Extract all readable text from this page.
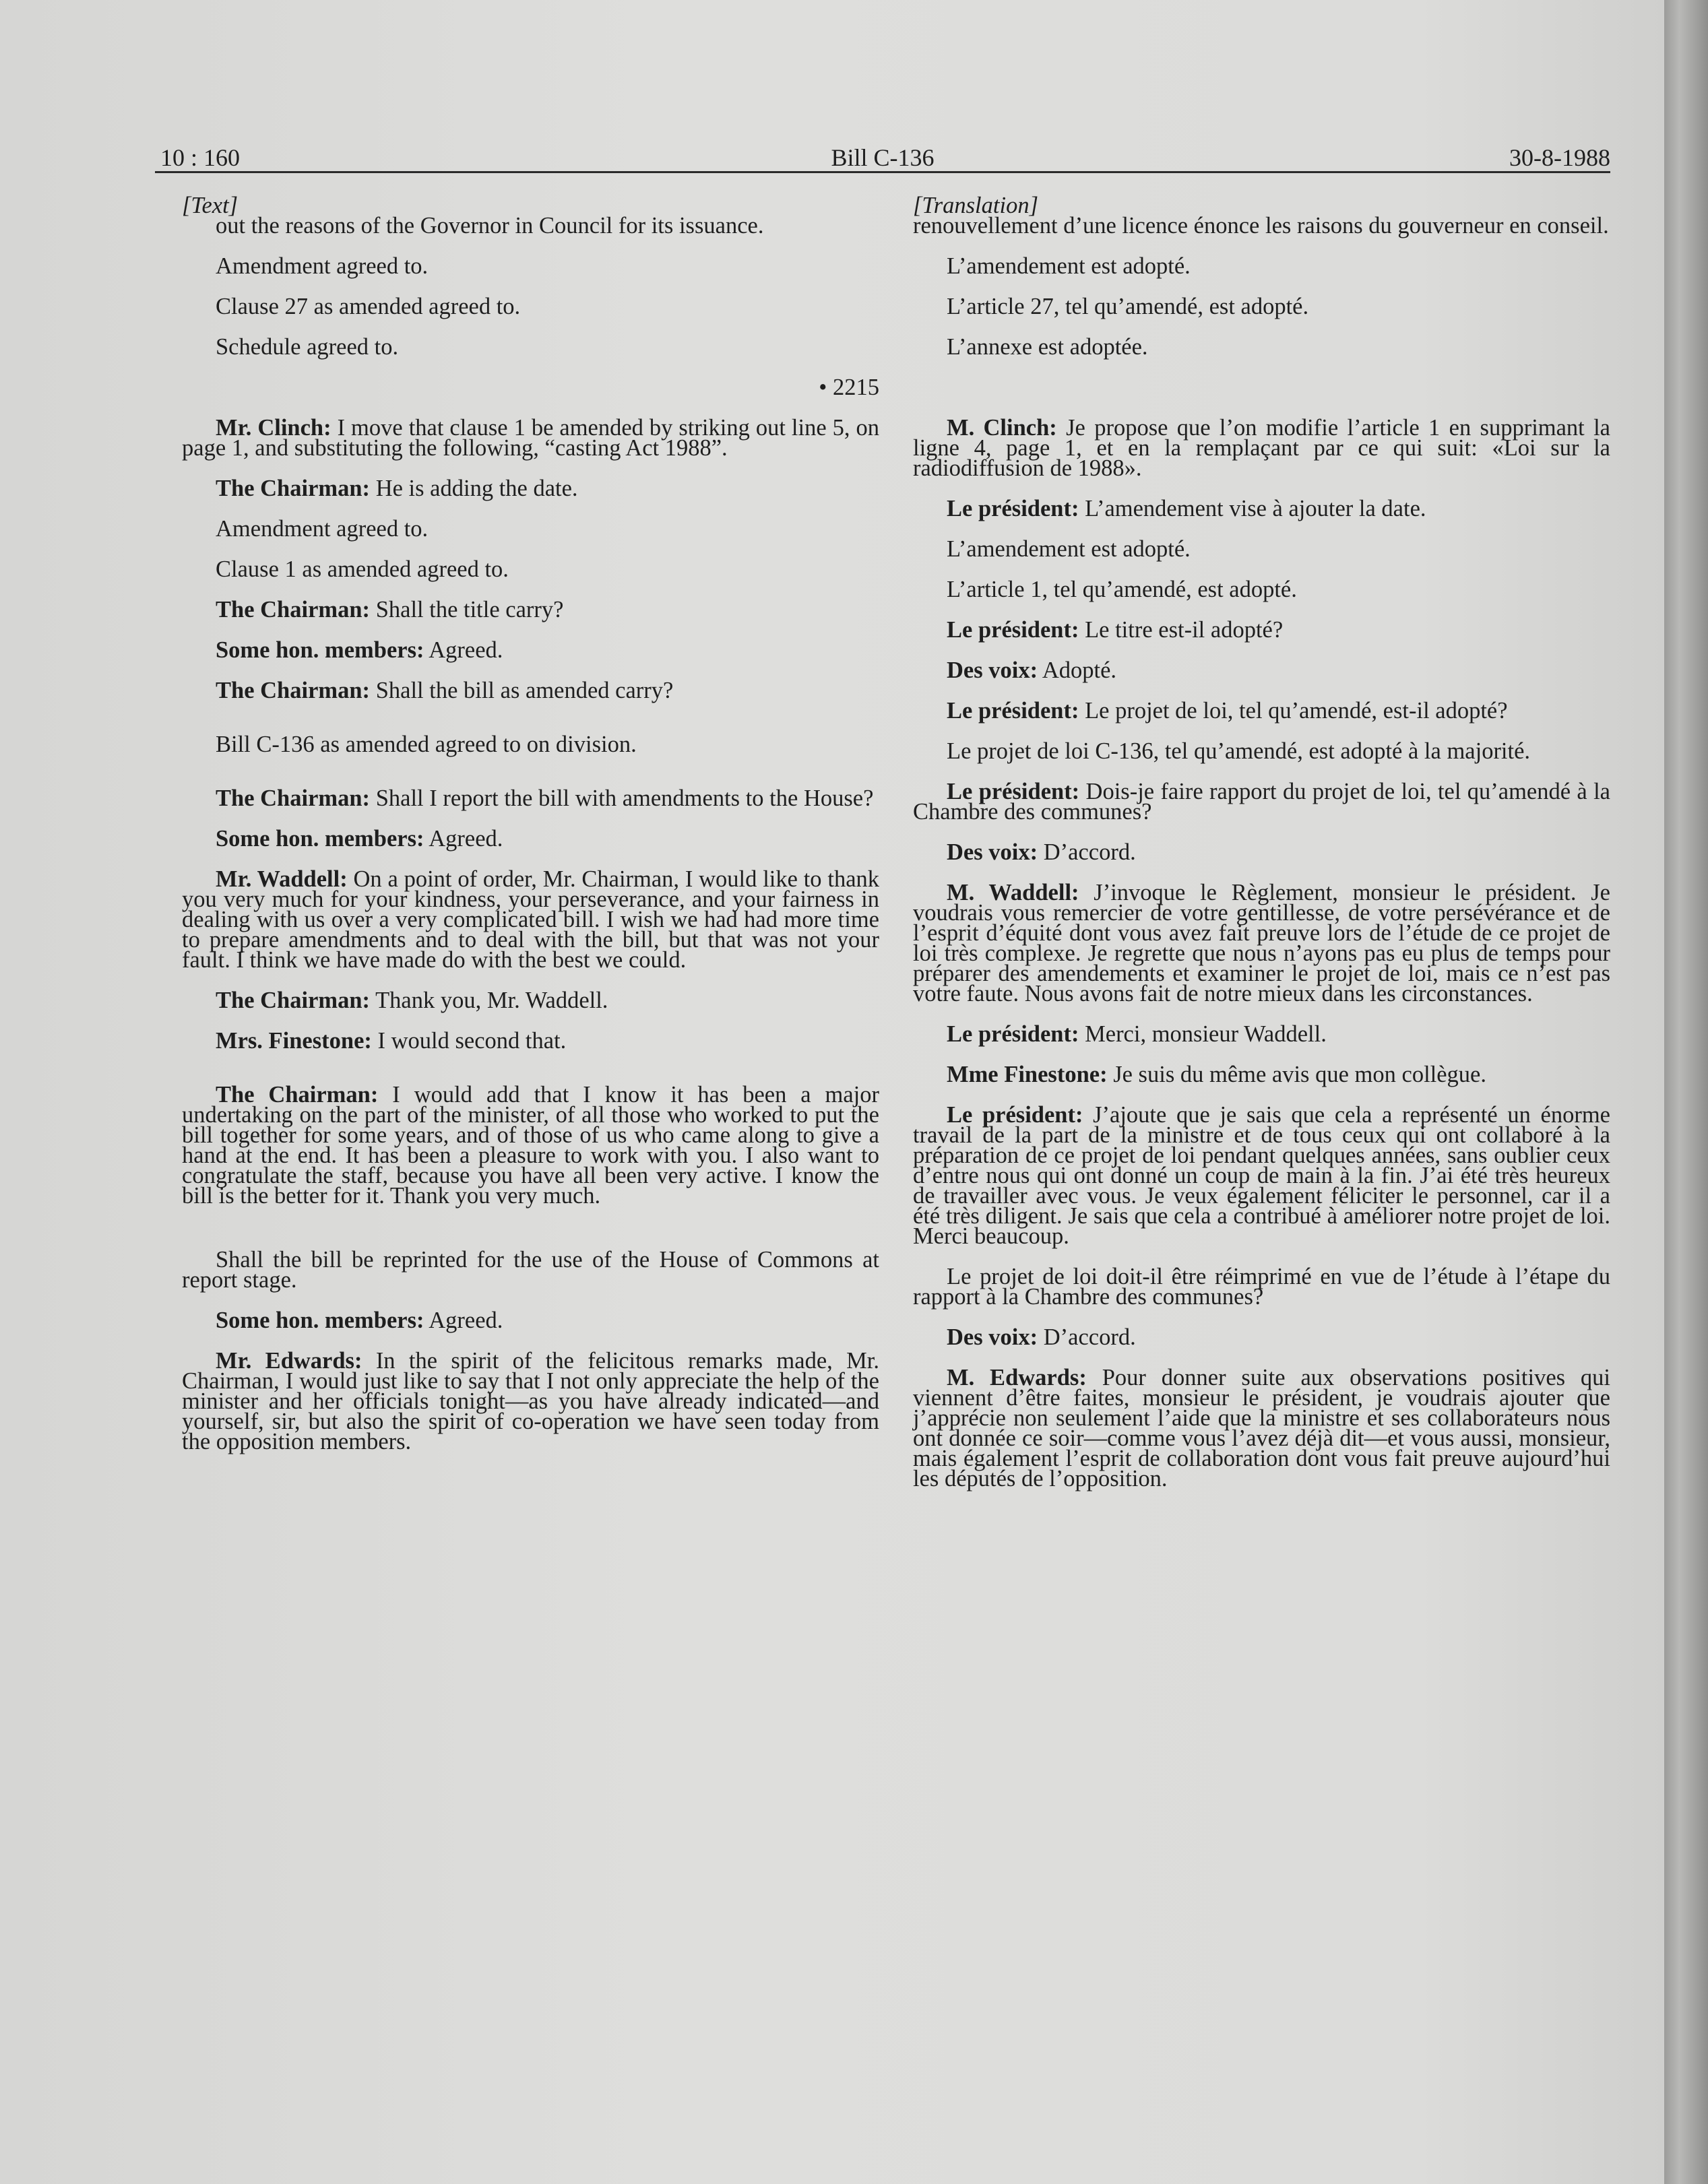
10 : 160	Bill C-136	30-8-1988

[Text]

out the reasons of the Governor in Council for its issuance.

Amendment agreed to.

Clause 27 as amended agreed to.

Schedule agreed to.

• 2215

Mr. Clinch: I move that clause 1 be amended by striking out line 5, on page 1, and substituting the following, “casting Act 1988”.

The Chairman: He is adding the date.

Amendment agreed to.

Clause 1 as amended agreed to.

The Chairman: Shall the title carry?

Some hon. members: Agreed.

The Chairman: Shall the bill as amended carry?

Bill C-136 as amended agreed to on division.

The Chairman: Shall I report the bill with amendments to the House?

Some hon. members: Agreed.

Mr. Waddell: On a point of order, Mr. Chairman, I would like to thank you very much for your kindness, your perseverance, and your fairness in dealing with us over a very complicated bill. I wish we had had more time to prepare amendments and to deal with the bill, but that was not your fault. I think we have made do with the best we could.

The Chairman: Thank you, Mr. Waddell.

Mrs. Finestone: I would second that.

The Chairman: I would add that I know it has been a major undertaking on the part of the minister, of all those who worked to put the bill together for some years, and of those of us who came along to give a hand at the end. It has been a pleasure to work with you. I also want to congratulate the staff, because you have all been very active. I know the bill is the better for it. Thank you very much.

Shall the bill be reprinted for the use of the House of Commons at report stage.

Some hon. members: Agreed.

Mr. Edwards: In the spirit of the felicitous remarks made, Mr. Chairman, I would just like to say that I not only appreciate the help of the minister and her officials tonight—as you have already indicated—and yourself, sir, but also the spirit of co-operation we have seen today from the opposition members.

[Translation]

renouvellement d’une licence énonce les raisons du gouverneur en conseil.

L’amendement est adopté.

L’article 27, tel qu’amendé, est adopté.

L’annexe est adoptée.

M. Clinch: Je propose que l’on modifie l’article 1 en supprimant la ligne 4, page 1, et en la remplaçant par ce qui suit: «Loi sur la radiodiffusion de 1988».

Le président: L’amendement vise à ajouter la date.

L’amendement est adopté.

L’article 1, tel qu’amendé, est adopté.

Le président: Le titre est-il adopté?

Des voix: Adopté.

Le président: Le projet de loi, tel qu’amendé, est-il adopté?

Le projet de loi C-136, tel qu’amendé, est adopté à la majorité.

Le président: Dois-je faire rapport du projet de loi, tel qu’amendé à la Chambre des communes?

Des voix: D’accord.

M. Waddell: J’invoque le Règlement, monsieur le président. Je voudrais vous remercier de votre gentillesse, de votre persévérance et de l’esprit d’équité dont vous avez fait preuve lors de l’étude de ce projet de loi très complexe. Je regrette que nous n’ayons pas eu plus de temps pour préparer des amendements et examiner le projet de loi, mais ce n’est pas votre faute. Nous avons fait de notre mieux dans les circonstances.

Le président: Merci, monsieur Waddell.

Mme Finestone: Je suis du même avis que mon collègue.

Le président: J’ajoute que je sais que cela a représenté un énorme travail de la part de la ministre et de tous ceux qui ont collaboré à la préparation de ce projet de loi pendant quelques années, sans oublier ceux d’entre nous qui ont donné un coup de main à la fin. J’ai été très heureux de travailler avec vous. Je veux également féliciter le personnel, car il a été très diligent. Je sais que cela a contribué à améliorer notre projet de loi. Merci beaucoup.

Le projet de loi doit-il être réimprimé en vue de l’étude à l’étape du rapport à la Chambre des communes?

Des voix: D’accord.

M. Edwards: Pour donner suite aux observations positives qui viennent d’être faites, monsieur le président, je voudrais ajouter que j’apprécie non seulement l’aide que la ministre et ses collaborateurs nous ont donnée ce soir—comme vous l’avez déjà dit—et vous aussi, monsieur, mais également l’esprit de collaboration dont vous fait preuve aujourd’hui les députés de l’opposition.
